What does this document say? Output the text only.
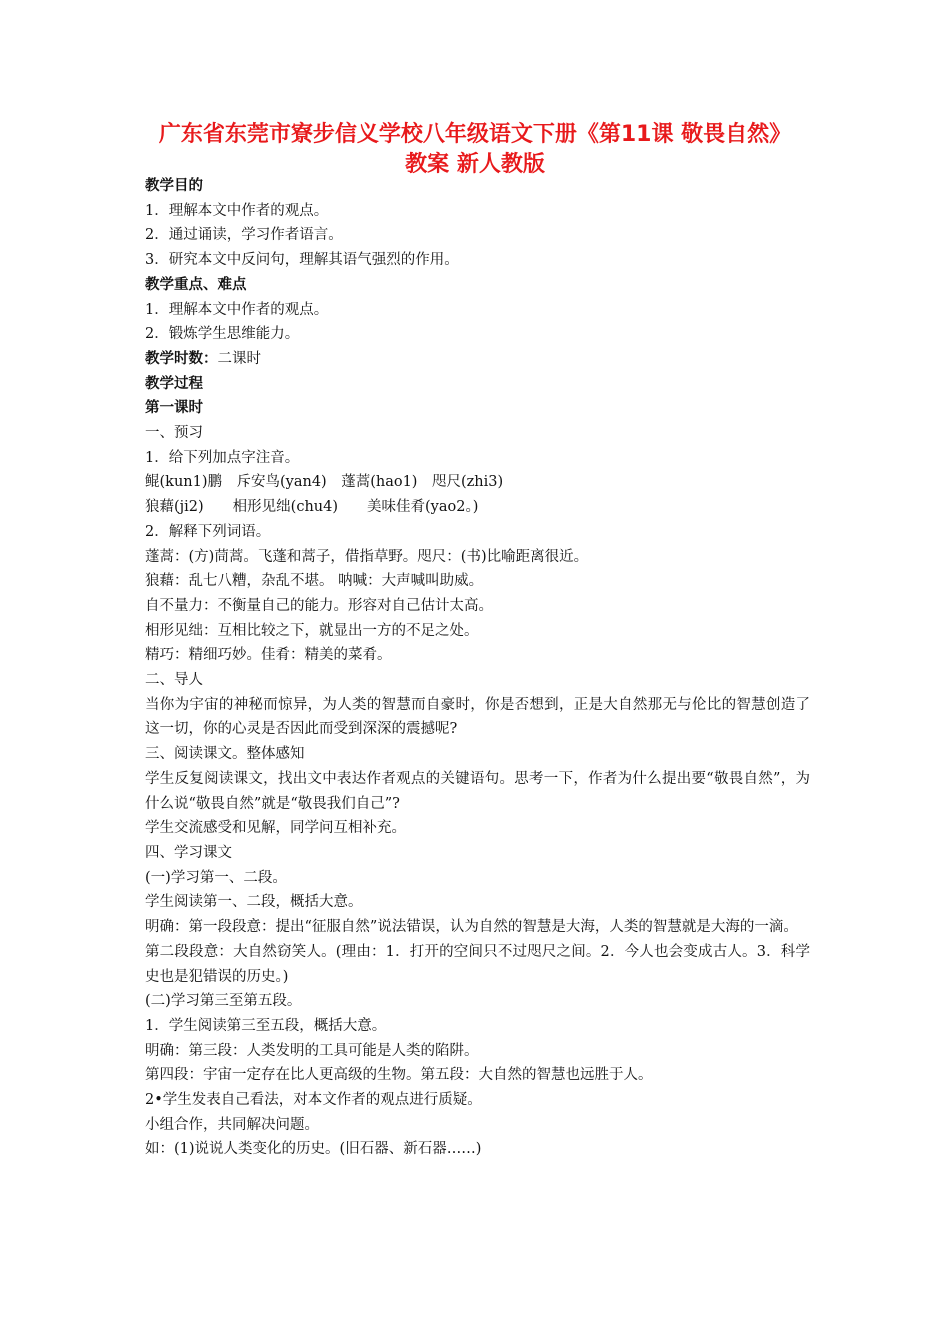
广东省东莞市寮步信义学校八年级语文下册《第11课 敬畏自然》
教案 新人教版

教学目的

1．理解本文中作者的观点。

2．通过诵读，学习作者语言。

3．研究本文中反问句，理解其语气强烈的作用。

教学重点、难点

1．理解本文中作者的观点。

2．锻炼学生思维能力。

教学时数：二课时

教学过程

第一课时

一、预习

1．给下列加点字注音。

鲲(kun1)鹏　斥安鸟(yan4)　蓬蒿(hao1)　咫尺(zhi3)

狼藉(ji2)　　相形见绌(chu4)　　美味佳肴(yao2。)

2．解释下列词语。

蓬蒿：(方)茼蒿。飞蓬和蒿子，借指草野。咫尺：(书)比喻距离很近。

狼藉：乱七八糟，杂乱不堪。 呐喊：大声喊叫助威。

自不量力：不衡量自己的能力。形容对自己估计太高。

相形见绌：互相比较之下，就显出一方的不足之处。

精巧：精细巧妙。佳肴：精美的菜肴。

二、导人

当你为宇宙的神秘而惊异，为人类的智慧而自豪时，你是否想到，正是大自然那无与伦比的智慧创造了这一切，你的心灵是否因此而受到深深的震撼呢?

三、阅读课文。整体感知

学生反复阅读课文，找出文中表达作者观点的关键语句。思考一下，作者为什么提出要“敬畏自然”，为什么说“敬畏自然”就是“敬畏我们自己”?

学生交流感受和见解，同学问互相补充。

四、学习课文

(一)学习第一、二段。

学生阅读第一、二段，概括大意。

明确：第一段段意：提出“征服自然”说法错误，认为自然的智慧是大海，人类的智慧就是大海的一滴。

第二段段意：大自然窃笑人。(理由：1．打开的空间只不过咫尺之间。2．今人也会变成古人。3．科学史也是犯错误的历史。)

(二)学习第三至第五段。

1．学生阅读第三至五段，概括大意。

明确：第三段：人类发明的工具可能是人类的陷阱。

第四段：宇宙一定存在比人更高级的生物。第五段：大自然的智慧也远胜于人。

2•学生发表自己看法，对本文作者的观点进行质疑。

小组合作，共同解决问题。

如：(1)说说人类变化的历史。(旧石器、新石器……)
